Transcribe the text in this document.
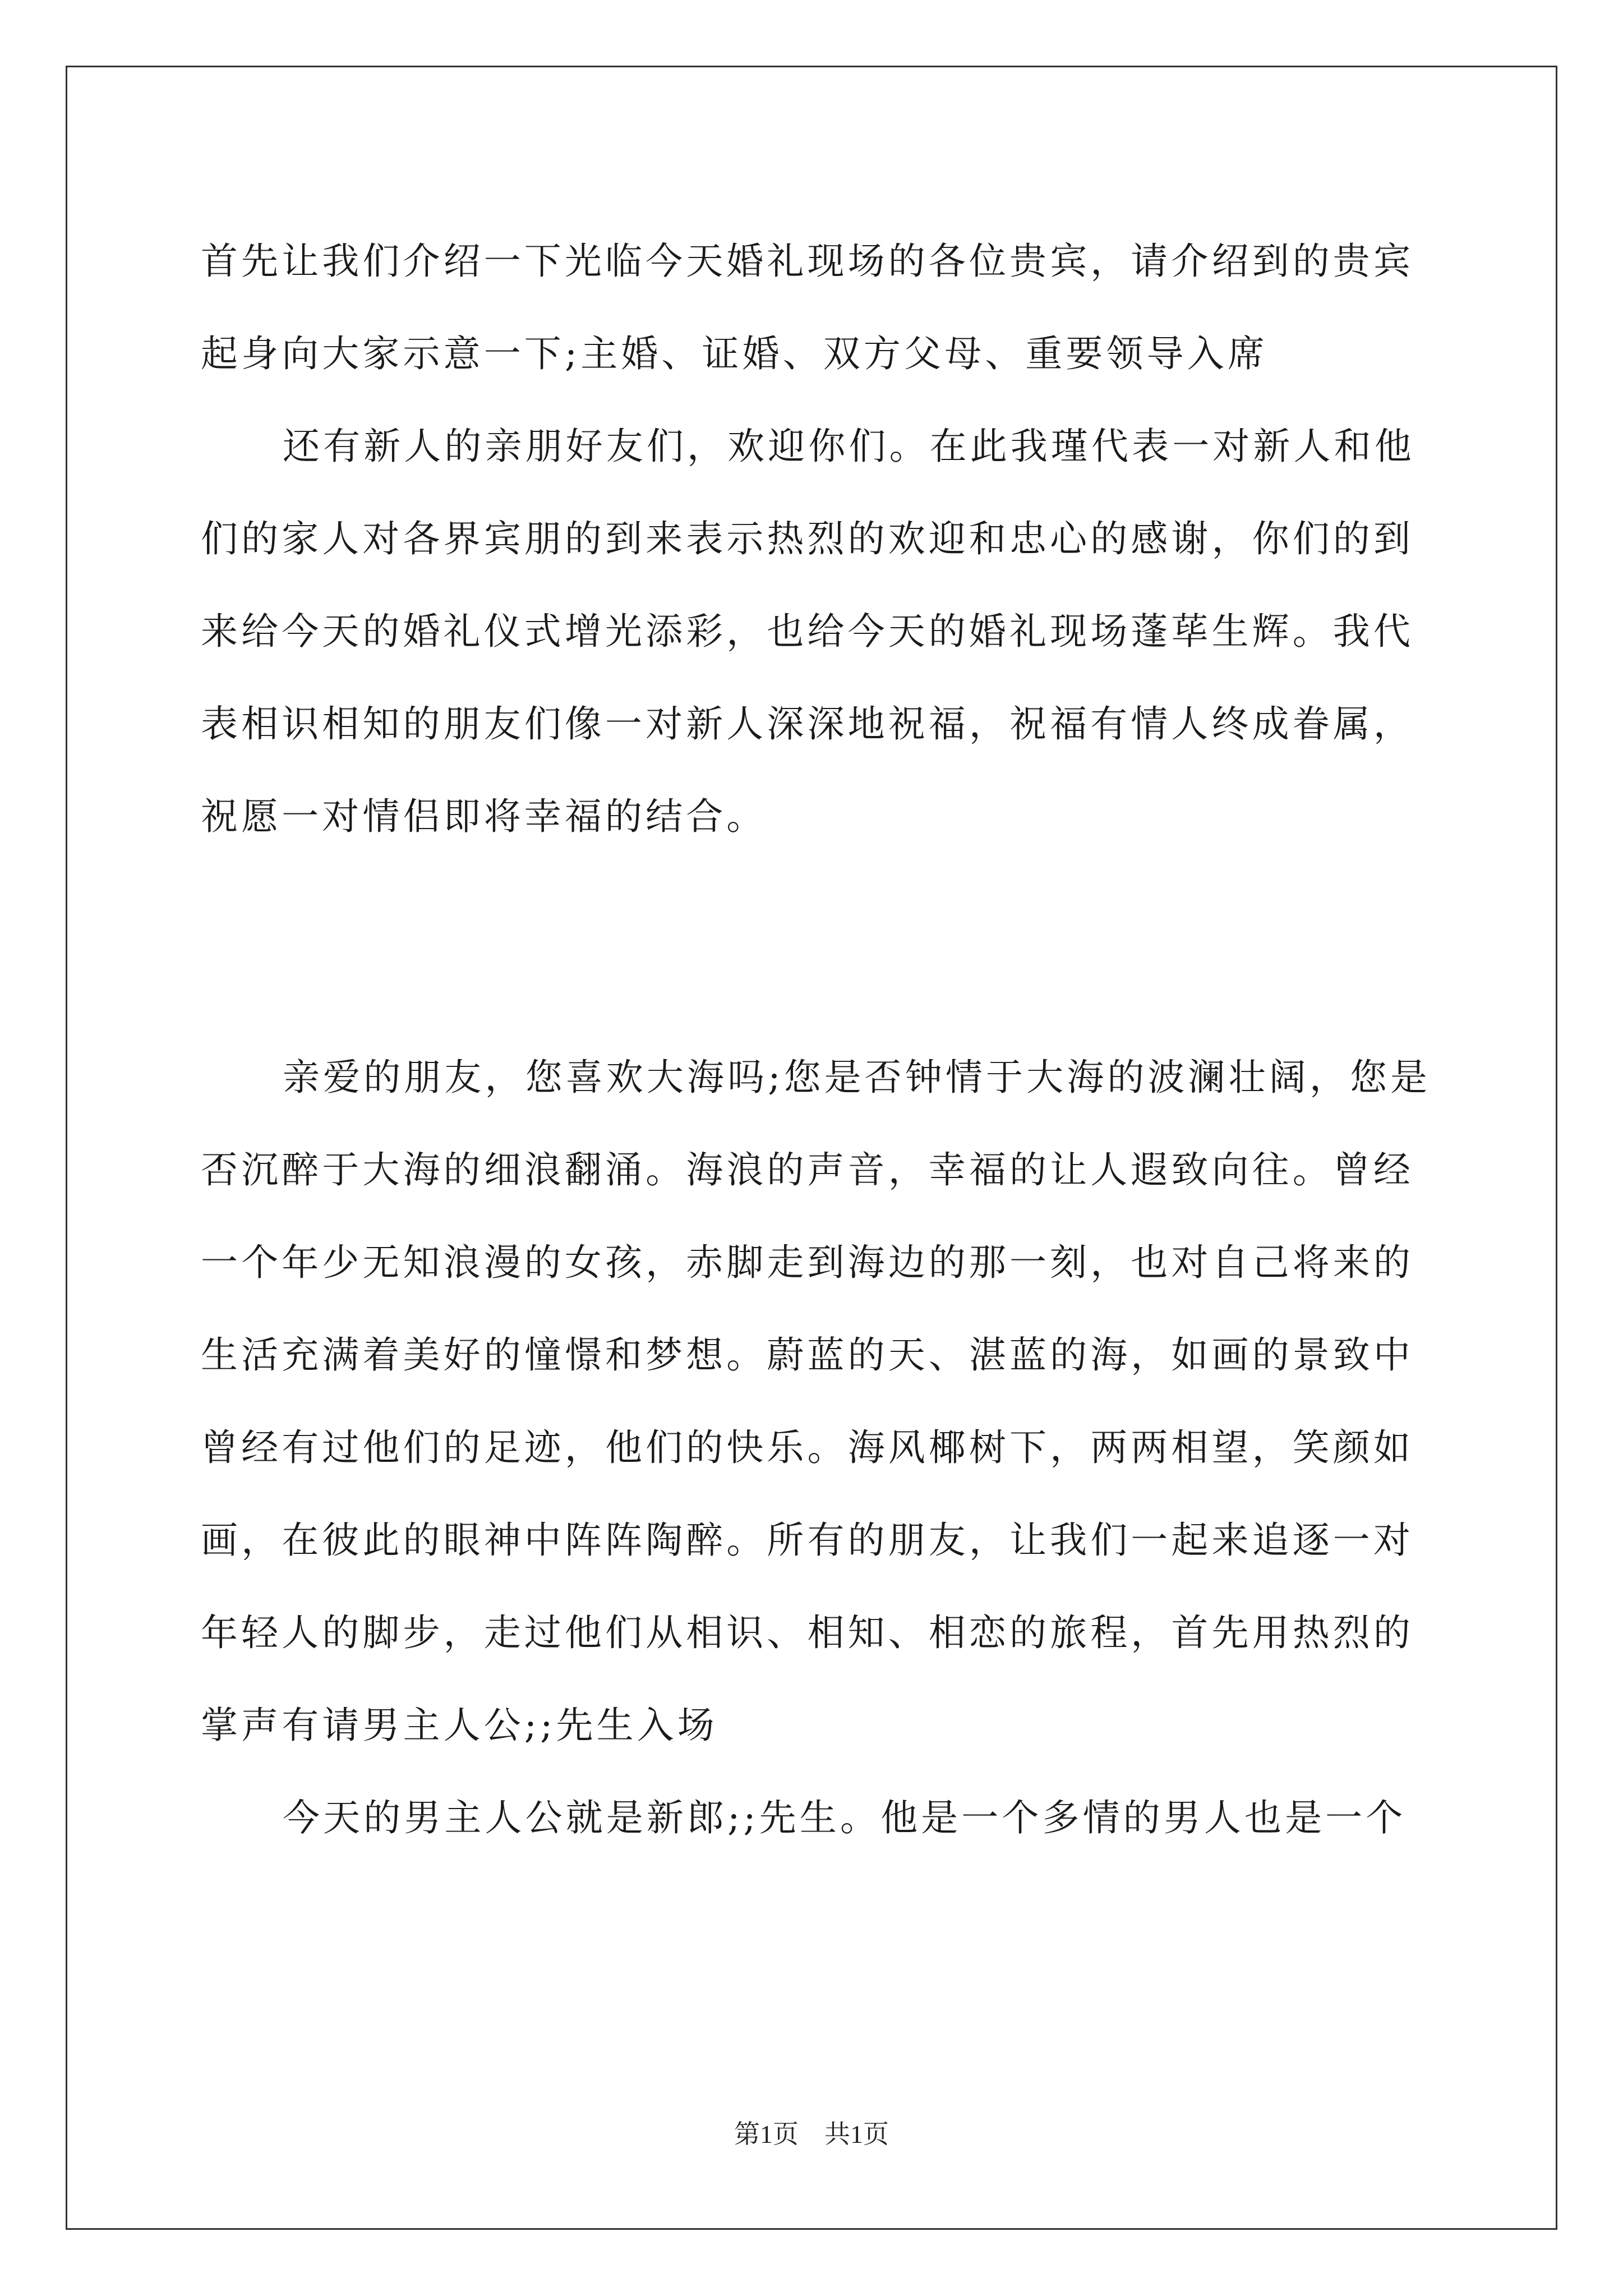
首先让我们介绍一下光临今天婚礼现场的各位贵宾，请介绍到的贵宾
起身向大家示意一下;主婚、证婚、双方父母、重要领导入席
还有新人的亲朋好友们，欢迎你们。在此我瑾代表一对新人和他
们的家人对各界宾朋的到来表示热烈的欢迎和忠心的感谢，你们的到
来给今天的婚礼仪式增光添彩，也给今天的婚礼现场蓬荜生辉。我代
表相识相知的朋友们像一对新人深深地祝福，祝福有情人终成眷属，
祝愿一对情侣即将幸福的结合。
亲爱的朋友，您喜欢大海吗;您是否钟情于大海的波澜壮阔，您是
否沉醉于大海的细浪翻涌。海浪的声音，幸福的让人遐致向往。曾经
一个年少无知浪漫的女孩，赤脚走到海边的那一刻，也对自己将来的
生活充满着美好的憧憬和梦想。蔚蓝的天、湛蓝的海，如画的景致中
曾经有过他们的足迹，他们的快乐。海风椰树下，两两相望，笑颜如
画，在彼此的眼神中阵阵陶醉。所有的朋友，让我们一起来追逐一对
年轻人的脚步，走过他们从相识、相知、相恋的旅程，首先用热烈的
掌声有请男主人公;;先生入场
今天的男主人公就是新郎;;先生。他是一个多情的男人也是一个
第1页　共1页
